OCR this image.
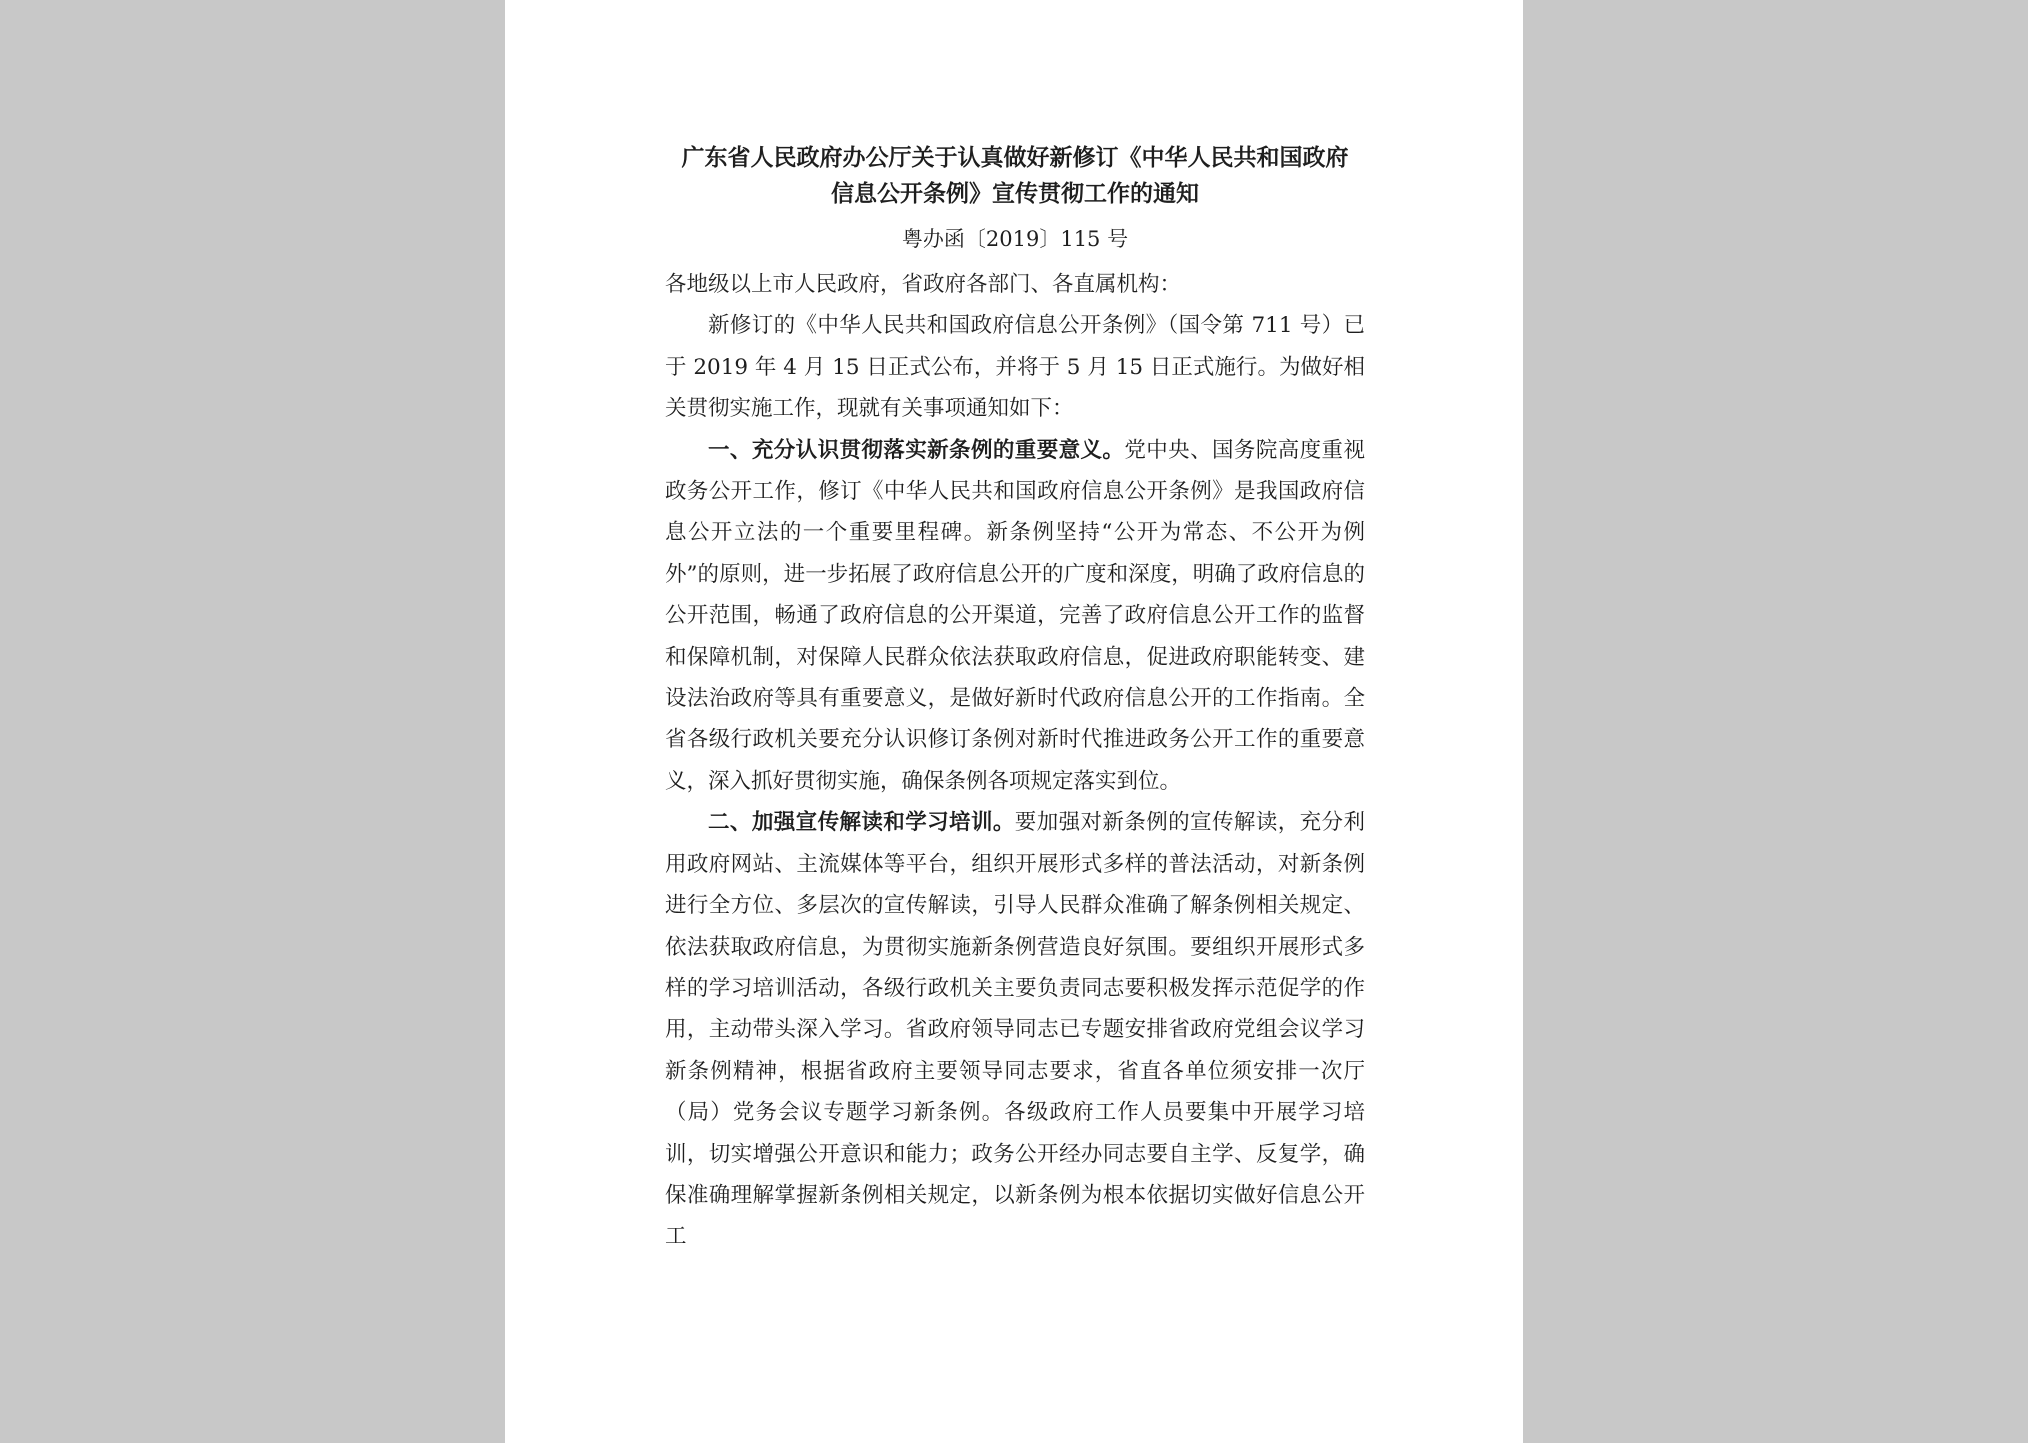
广东省人民政府办公厅关于认真做好新修订《中华人民共和国政府
信息公开条例》宣传贯彻工作的通知
粤办函〔2019〕115 号

各地级以上市人民政府，省政府各部门、各直属机构：

新修订的《中华人民共和国政府信息公开条例》（国令第 711 号）已于 2019 年 4 月 15 日正式公布，并将于 5 月 15 日正式施行。为做好相关贯彻实施工作，现就有关事项通知如下：

一、充分认识贯彻落实新条例的重要意义。党中央、国务院高度重视政务公开工作，修订《中华人民共和国政府信息公开条例》是我国政府信息公开立法的一个重要里程碑。新条例坚持“公开为常态、不公开为例外”的原则，进一步拓展了政府信息公开的广度和深度，明确了政府信息的公开范围，畅通了政府信息的公开渠道，完善了政府信息公开工作的监督和保障机制，对保障人民群众依法获取政府信息，促进政府职能转变、建设法治政府等具有重要意义，是做好新时代政府信息公开的工作指南。全省各级行政机关要充分认识修订条例对新时代推进政务公开工作的重要意义，深入抓好贯彻实施，确保条例各项规定落实到位。

二、加强宣传解读和学习培训。要加强对新条例的宣传解读，充分利用政府网站、主流媒体等平台，组织开展形式多样的普法活动，对新条例进行全方位、多层次的宣传解读，引导人民群众准确了解条例相关规定、依法获取政府信息，为贯彻实施新条例营造良好氛围。要组织开展形式多样的学习培训活动，各级行政机关主要负责同志要积极发挥示范促学的作用，主动带头深入学习。省政府领导同志已专题安排省政府党组会议学习新条例精神，根据省政府主要领导同志要求，省直各单位须安排一次厅（局）党务会议专题学习新条例。各级政府工作人员要集中开展学习培训，切实增强公开意识和能力；政务公开经办同志要自主学、反复学，确保准确理解掌握新条例相关规定，以新条例为根本依据切实做好信息公开工
